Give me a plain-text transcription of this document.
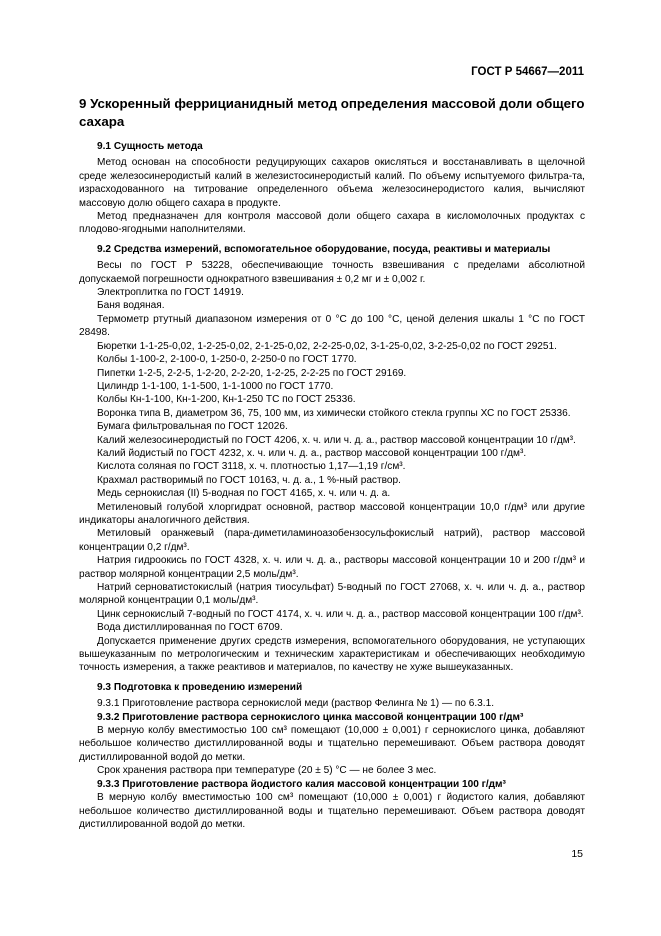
ГОСТ Р 54667—2011
9 Ускоренный феррицианидный метод определения массовой доли общего сахара
9.1 Сущность метода

Метод основан на способности редуцирующих сахаров окисляться и восстанавливать в щелочной среде железосинеродистый калий в железистосинеродистый калий. По объему испытуемого фильтра-та, израсходованного на титрование определенного объема железосинеродистого калия, вычисляют массовую долю общего сахара в продукте.

Метод предназначен для контроля массовой доли общего сахара в кисломолочных продуктах с плодово-ягодными наполнителями.

9.2 Средства измерений, вспомогательное оборудование, посуда, реактивы и материалы

Весы по ГОСТ Р 53228, обеспечивающие точность взвешивания с пределами абсолютной допускаемой погрешности однократного взвешивания ± 0,2 мг и ± 0,002 г.

Электроплитка по ГОСТ 14919.

Баня водяная.

Термометр ртутный диапазоном измерения от 0 °С до 100 °С, ценой деления шкалы 1 °С по ГОСТ 28498.

Бюретки 1-1-25-0,02, 1-2-25-0,02, 2-1-25-0,02, 2-2-25-0,02, 3-1-25-0,02, 3-2-25-0,02 по ГОСТ 29251.

Колбы 1-100-2, 2-100-0, 1-250-0, 2-250-0 по ГОСТ 1770.

Пипетки 1-2-5, 2-2-5, 1-2-20, 2-2-20, 1-2-25, 2-2-25 по ГОСТ 29169.

Цилиндр 1-1-100, 1-1-500, 1-1-1000 по ГОСТ 1770.

Колбы Кн-1-100, Кн-1-200, Кн-1-250 ТС по ГОСТ 25336.

Воронка типа В, диаметром 36, 75, 100 мм, из химически стойкого стекла группы ХС по ГОСТ 25336.

Бумага фильтровальная по ГОСТ 12026.

Калий железосинеродистый по ГОСТ 4206, х. ч. или ч. д. а., раствор массовой концентрации 10 г/дм³.

Калий йодистый по ГОСТ 4232, х. ч. или ч. д. а., раствор массовой концентрации 100 г/дм³.

Кислота соляная по ГОСТ 3118, х. ч. плотностью 1,17—1,19 г/см³.

Крахмал растворимый по ГОСТ 10163, ч. д. а., 1 %-ный раствор.

Медь сернокислая (II) 5-водная по ГОСТ 4165, х. ч. или ч. д. а.

Метиленовый голубой хлоргидрат основной, раствор массовой концентрации 10,0 г/дм³ или другие индикаторы аналогичного действия.

Метиловый оранжевый (пара-диметиламиноазобензосульфокислый натрий), раствор массовой концентрации 0,2 г/дм³.

Натрия гидроокись по ГОСТ 4328, х. ч. или ч. д. а., растворы массовой концентрации 10 и 200 г/дм³ и раствор молярной концентрации 2,5 моль/дм³.

Натрий серноватистокислый (натрия тиосульфат) 5-водный по ГОСТ 27068, х. ч. или ч. д. а., раствор молярной концентрации 0,1 моль/дм³.

Цинк сернокислый 7-водный по ГОСТ 4174, х. ч. или ч. д. а., раствор массовой концентрации 100 г/дм³.

Вода дистиллированная по ГОСТ 6709.

Допускается применение других средств измерения, вспомогательного оборудования, не уступающих вышеуказанным по метрологическим и техническим характеристикам и обеспечивающих необходимую точность измерения, а также реактивов и материалов, по качеству не хуже вышеуказанных.

9.3 Подготовка к проведению измерений

9.3.1 Приготовление раствора сернокислой меди (раствор Фелинга № 1) — по 6.3.1.

9.3.2 Приготовление раствора сернокислого цинка массовой концентрации 100 г/дм³

В мерную колбу вместимостью 100 см³ помещают (10,000 ± 0,001) г сернокислого цинка, добавляют небольшое количество дистиллированной воды и тщательно перемешивают. Объем раствора доводят дистиллированной водой до метки.

Срок хранения раствора при температуре (20 ± 5) °С — не более 3 мес.

9.3.3 Приготовление раствора йодистого калия массовой концентрации 100 г/дм³

В мерную колбу вместимостью 100 см³ помещают (10,000 ± 0,001) г йодистого калия, добавляют небольшое количество дистиллированной воды и тщательно перемешивают. Объем раствора доводят дистиллированной водой до метки.

15
